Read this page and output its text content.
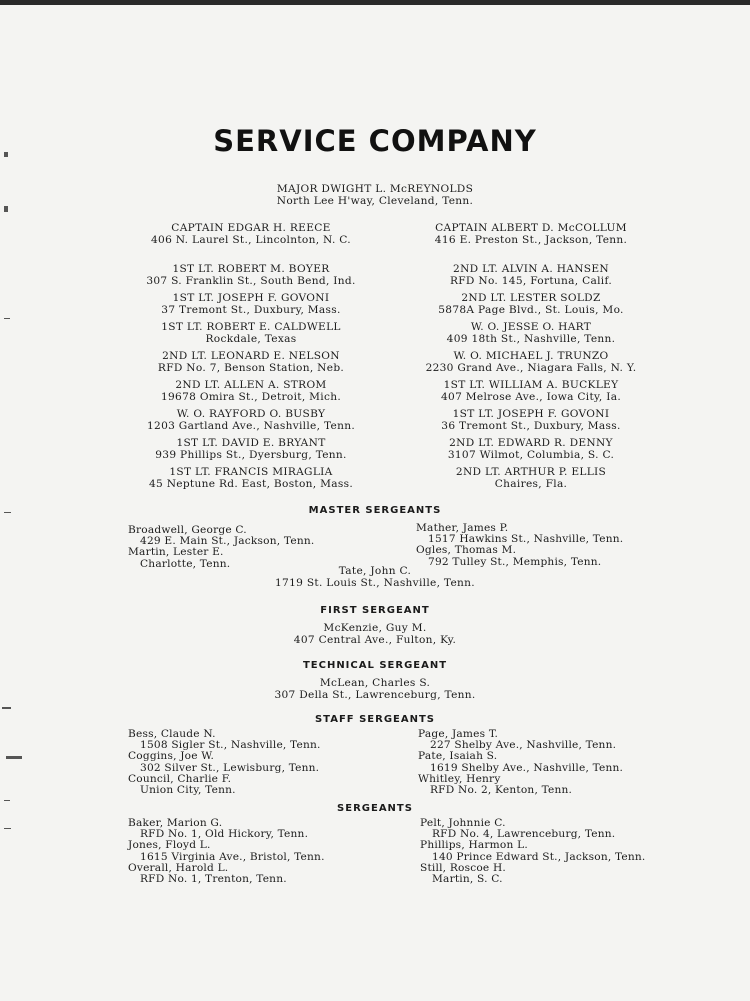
SERVICE COMPANY
MAJOR DWIGHT L. McREYNOLDS
North Lee H'way, Cleveland, Tenn.
CAPTAIN EDGAR H. REECE
406 N. Laurel St., Lincolnton, N. C.
CAPTAIN ALBERT D. McCOLLUM
416 E. Preston St., Jackson, Tenn.
1ST LT. ROBERT M. BOYER
307 S. Franklin St., South Bend, Ind.
1ST LT. JOSEPH F. GOVONI
37 Tremont St., Duxbury, Mass.
1ST LT. ROBERT E. CALDWELL
Rockdale, Texas
2ND LT. LEONARD E. NELSON
RFD No. 7, Benson Station, Neb.
2ND LT. ALLEN A. STROM
19678 Omira St., Detroit, Mich.
W. O. RAYFORD O. BUSBY
1203 Gartland Ave., Nashville, Tenn.
1ST LT. DAVID E. BRYANT
939 Phillips St., Dyersburg, Tenn.
1ST LT. FRANCIS MIRAGLIA
45 Neptune Rd. East, Boston, Mass.
2ND LT. ALVIN A. HANSEN
RFD No. 145, Fortuna, Calif.
2ND LT. LESTER SOLDZ
5878A Page Blvd., St. Louis, Mo.
W. O. JESSE O. HART
409 18th St., Nashville, Tenn.
W. O. MICHAEL J. TRUNZO
2230 Grand Ave., Niagara Falls, N. Y.
1ST LT. WILLIAM A. BUCKLEY
407 Melrose Ave., Iowa City, Ia.
1ST LT. JOSEPH F. GOVONI
36 Tremont St., Duxbury, Mass.
2ND LT. EDWARD R. DENNY
3107 Wilmot, Columbia, S. C.
2ND LT. ARTHUR P. ELLIS
Chaires, Fla.
MASTER SERGEANTS
Broadwell, George C.
429 E. Main St., Jackson, Tenn.
Martin, Lester E.
Charlotte, Tenn.
Mather, James P.
1517 Hawkins St., Nashville, Tenn.
Ogles, Thomas M.
792 Tulley St., Memphis, Tenn.
Tate, John C.
1719 St. Louis St., Nashville, Tenn.
FIRST SERGEANT
McKenzie, Guy M.
407 Central Ave., Fulton, Ky.
TECHNICAL SERGEANT
McLean, Charles S.
307 Della St., Lawrenceburg, Tenn.
STAFF SERGEANTS
Bess, Claude N.
1508 Sigler St., Nashville, Tenn.
Coggins, Joe W.
302 Silver St., Lewisburg, Tenn.
Council, Charlie F.
Union City, Tenn.
Page, James T.
227 Shelby Ave., Nashville, Tenn.
Pate, Isaiah S.
1619 Shelby Ave., Nashville, Tenn.
Whitley, Henry
RFD No. 2, Kenton, Tenn.
SERGEANTS
Baker, Marion G.
RFD No. 1, Old Hickory, Tenn.
Jones, Floyd L.
1615 Virginia Ave., Bristol, Tenn.
Overall, Harold L.
RFD No. 1, Trenton, Tenn.
Pelt, Johnnie C.
RFD No. 4, Lawrenceburg, Tenn.
Phillips, Harmon L.
140 Prince Edward St., Jackson, Tenn.
Still, Roscoe H.
Martin, S. C.
